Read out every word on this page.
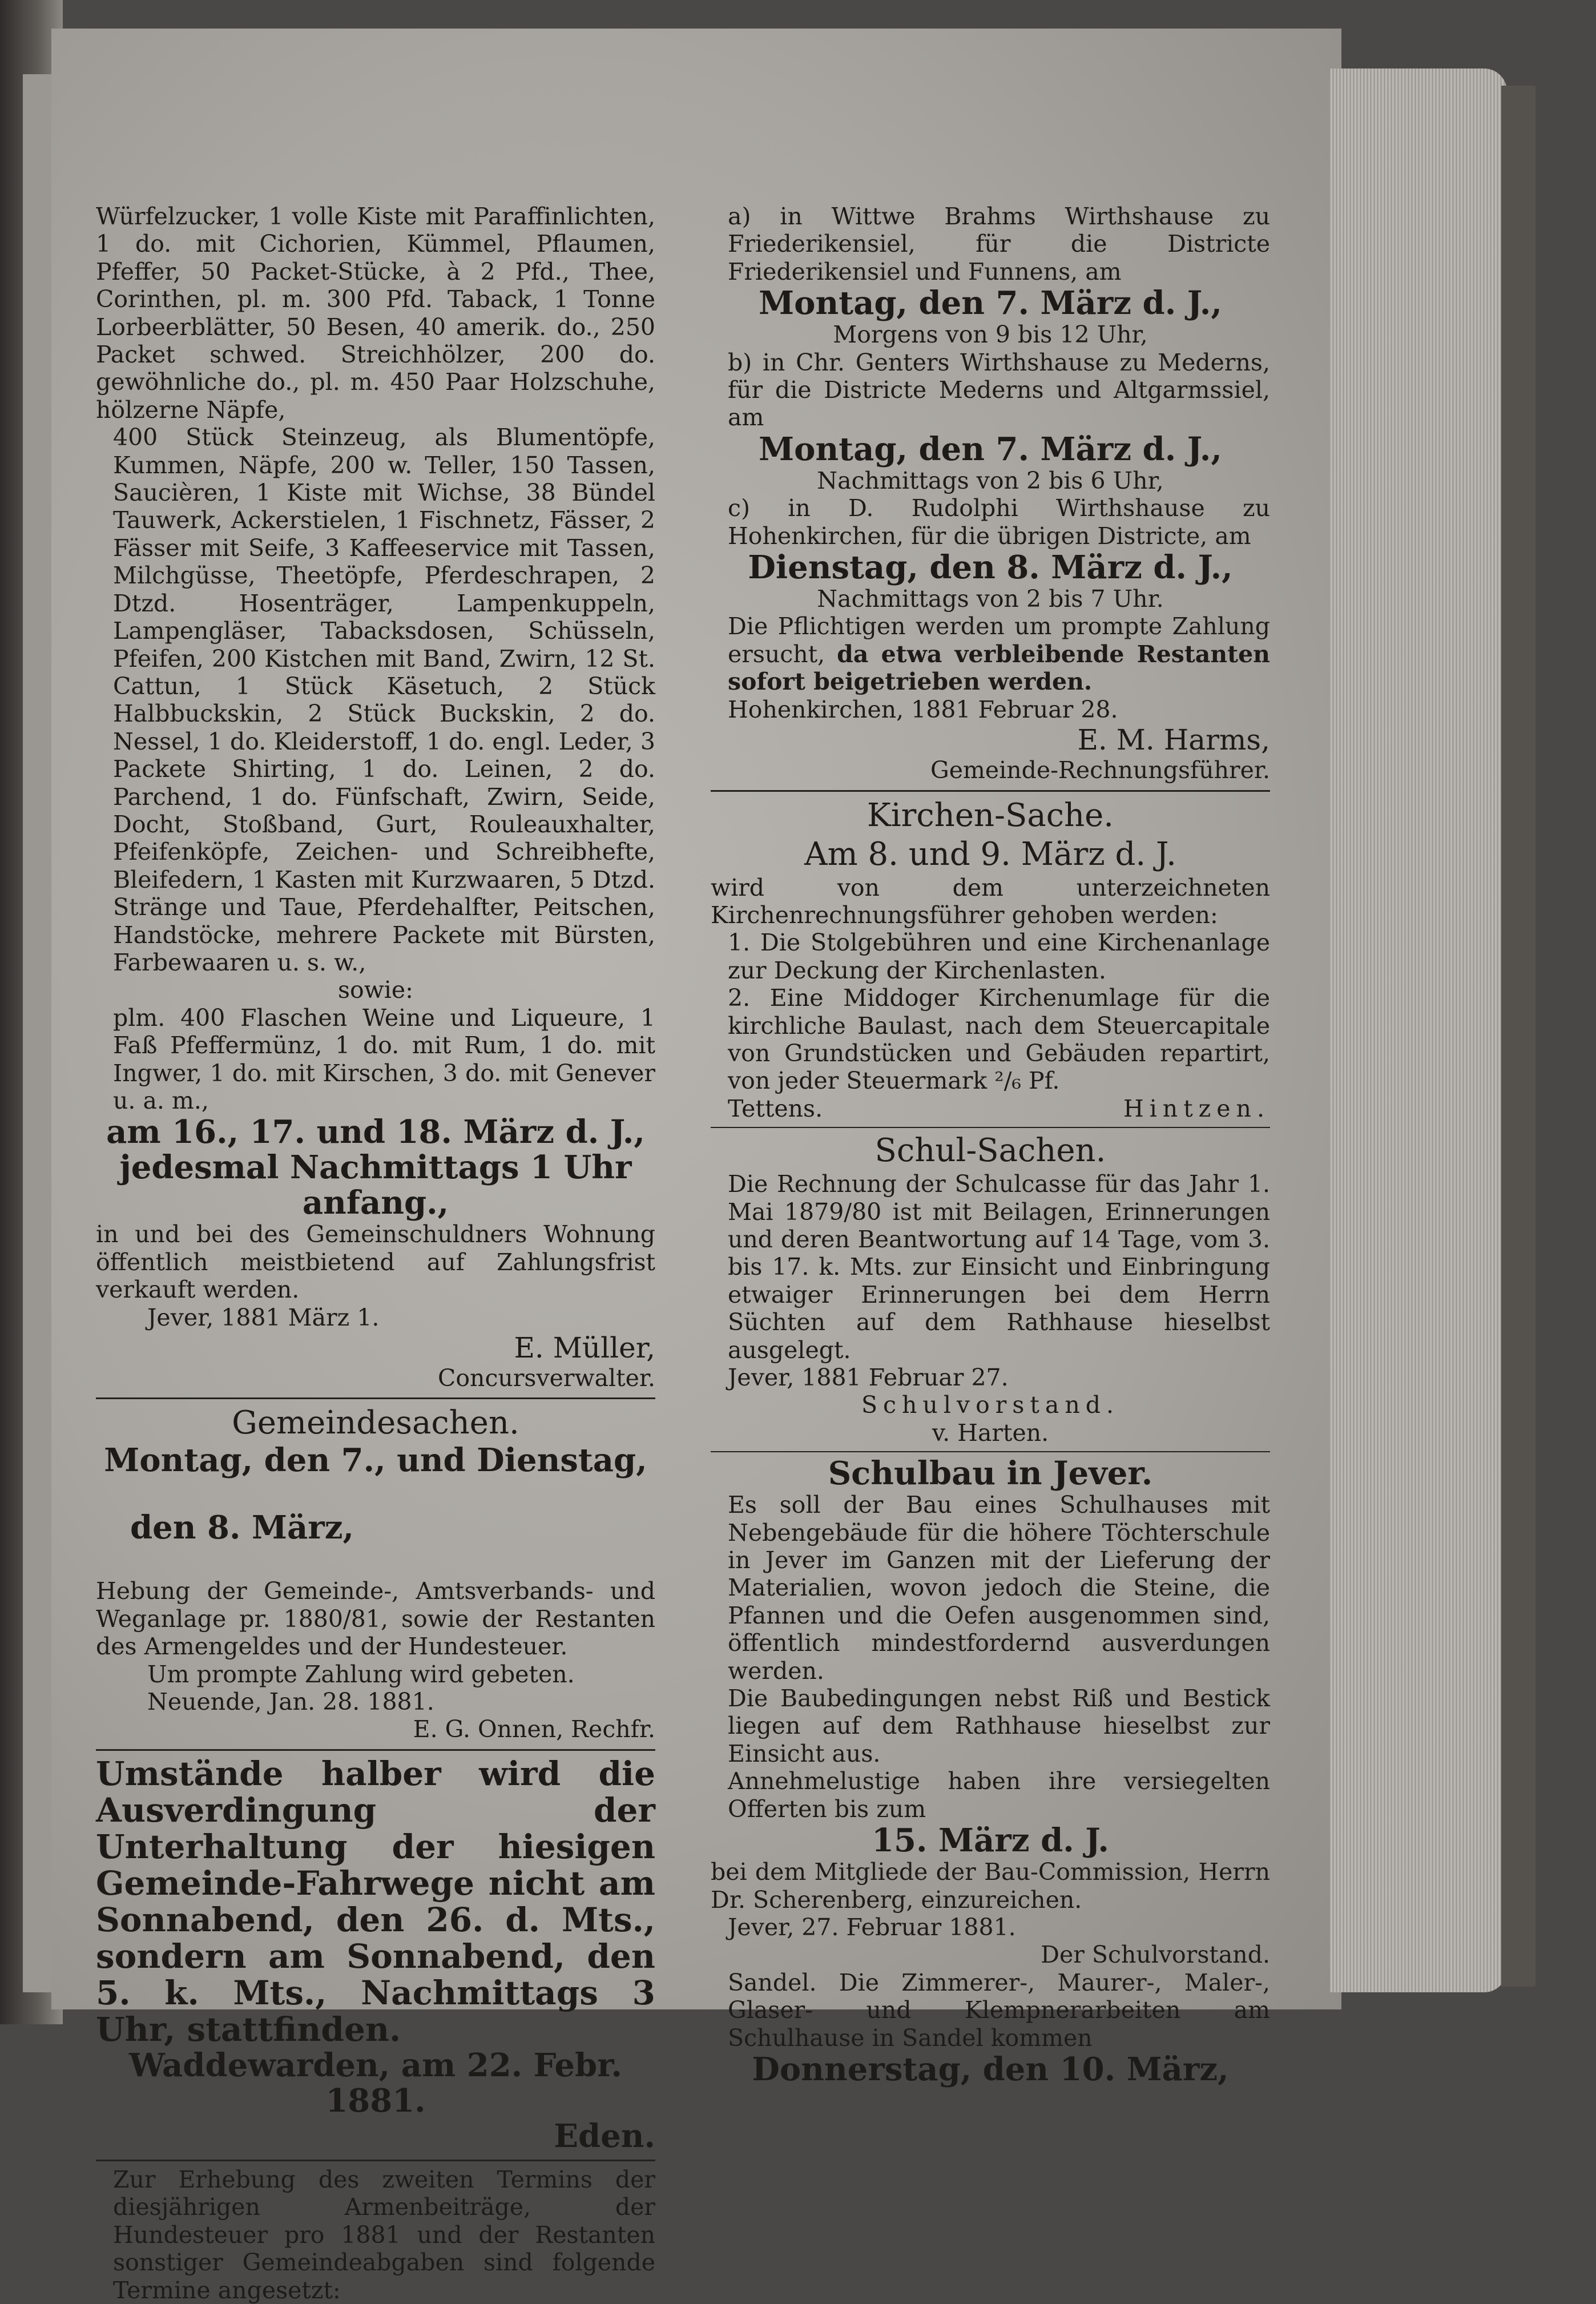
Würfelzucker, 1 volle Kiste mit Paraffinlichten, 1 do. mit Cichorien, Kümmel, Pflaumen, Pfeffer, 50 Packet-Stücke, à 2 Pfd., Thee, Corinthen, pl. m. 300 Pfd. Taback, 1 Tonne Lorbeerblätter, 50 Besen, 40 amerik. do., 250 Packet schwed. Streichhölzer, 200 do. gewöhnliche do., pl. m. 450 Paar Holzschuhe, hölzerne Näpfe,

400 Stück Steinzeug, als Blumentöpfe, Kummen, Näpfe, 200 w. Teller, 150 Tassen, Saucièren, 1 Kiste mit Wichse, 38 Bündel Tauwerk, Ackerstielen, 1 Fischnetz, Fässer, 2 Fässer mit Seife, 3 Kaffeeservice mit Tassen, Milchgüsse, Theetöpfe, Pferdeschrapen, 2 Dtzd. Hosenträger, Lampenkuppeln, Lampengläser, Tabacksdosen, Schüsseln, Pfeifen, 200 Kistchen mit Band, Zwirn, 12 St. Cattun, 1 Stück Käsetuch, 2 Stück Halbbuckskin, 2 Stück Buckskin, 2 do. Nessel, 1 do. Kleiderstoff, 1 do. engl. Leder, 3 Packete Shirting, 1 do. Leinen, 2 do. Parchend, 1 do. Fünfschaft, Zwirn, Seide, Docht, Stoßband, Gurt, Rouleauxhalter, Pfeifenköpfe, Zeichen- und Schreibhefte, Bleifedern, 1 Kasten mit Kurzwaaren, 5 Dtzd. Stränge und Taue, Pferdehalfter, Peitschen, Handstöcke, mehrere Packete mit Bürsten, Farbewaaren u. s. w.,

sowie:

plm. 400 Flaschen Weine und Liqueure, 1 Faß Pfeffermünz, 1 do. mit Rum, 1 do. mit Ingwer, 1 do. mit Kirschen, 3 do. mit Genever u. a. m.,

am 16., 17. und 18. März d. J.,

jedesmal Nachmittags 1 Uhr anfang.,

in und bei des Gemeinschuldners Wohnung öffentlich meistbietend auf Zahlungsfrist verkauft werden.

Jever, 1881 März 1.

E. Müller,

Concursverwalter.

Gemeindesachen.

Montag, den 7., und Dienstag,

den 8. März,

Hebung der Gemeinde-, Amtsverbands- und Weganlage pr. 1880/81, sowie der Restanten des Armengeldes und der Hundesteuer.

Um prompte Zahlung wird gebeten.

Neuende, Jan. 28. 1881.

E. G. Onnen, Rechfr.

Umstände halber wird die Ausverdingung der Unterhaltung der hiesigen Gemeinde-Fahrwege nicht am Sonnabend, den 26. d. Mts., sondern am Sonnabend, den 5. k. Mts., Nachmittags 3 Uhr, stattfinden.

Waddewarden, am 22. Febr. 1881.

Eden.

Zur Erhebung des zweiten Termins der diesjährigen Armenbeiträge, der Hundesteuer pro 1881 und der Restanten sonstiger Gemeindeabgaben sind folgende Termine angesetzt:

a) in Wittwe Brahms Wirthshause zu Friederikensiel, für die Districte Friederikensiel und Funnens, am

Montag, den 7. März d. J.,

Morgens von 9 bis 12 Uhr,

b) in Chr. Genters Wirthshause zu Mederns, für die Districte Mederns und Altgarmssiel, am

Montag, den 7. März d. J.,

Nachmittags von 2 bis 6 Uhr,

c) in D. Rudolphi Wirthshause zu Hohenkirchen, für die übrigen Districte, am

Dienstag, den 8. März d. J.,

Nachmittags von 2 bis 7 Uhr.

Die Pflichtigen werden um prompte Zahlung ersucht, da etwa verbleibende Restanten sofort beigetrieben werden.

Hohenkirchen, 1881 Februar 28.

E. M. Harms,

Gemeinde-Rechnungsführer.

Kirchen-Sache.

Am 8. und 9. März d. J.

wird von dem unterzeichneten Kirchenrechnungsführer gehoben werden:

1. Die Stolgebühren und eine Kirchenanlage zur Deckung der Kirchenlasten.

2. Eine Middoger Kirchenumlage für die kirchliche Baulast, nach dem Steuercapitale von Grundstücken und Gebäuden repartirt, von jeder Steuermark ²/₆ Pf.

Tettens.	Hintzen.

Schul-Sachen.

Die Rechnung der Schulcasse für das Jahr 1. Mai 1879/80 ist mit Beilagen, Erinnerungen und deren Beantwortung auf 14 Tage, vom 3. bis 17. k. Mts. zur Einsicht und Einbringung etwaiger Erinnerungen bei dem Herrn Süchten auf dem Rathhause hieselbst ausgelegt.

Jever, 1881 Februar 27.

Schulvorstand.

v. Harten.

Schulbau in Jever.

Es soll der Bau eines Schulhauses mit Nebengebäude für die höhere Töchterschule in Jever im Ganzen mit der Lieferung der Materialien, wovon jedoch die Steine, die Pfannen und die Oefen ausgenommen sind, öffentlich mindestfordernd ausverdungen werden.

Die Baubedingungen nebst Riß und Bestick liegen auf dem Rathhause hieselbst zur Einsicht aus.

Annehmelustige haben ihre versiegelten Offerten bis zum

15. März d. J.

bei dem Mitgliede der Bau-Commission, Herrn Dr. Scherenberg, einzureichen.

Jever, 27. Februar 1881.

Der Schulvorstand.

Sandel. Die Zimmerer-, Maurer-, Maler-, Glaser- und Klempnerarbeiten am Schulhause in Sandel kommen

Donnerstag, den 10. März,
